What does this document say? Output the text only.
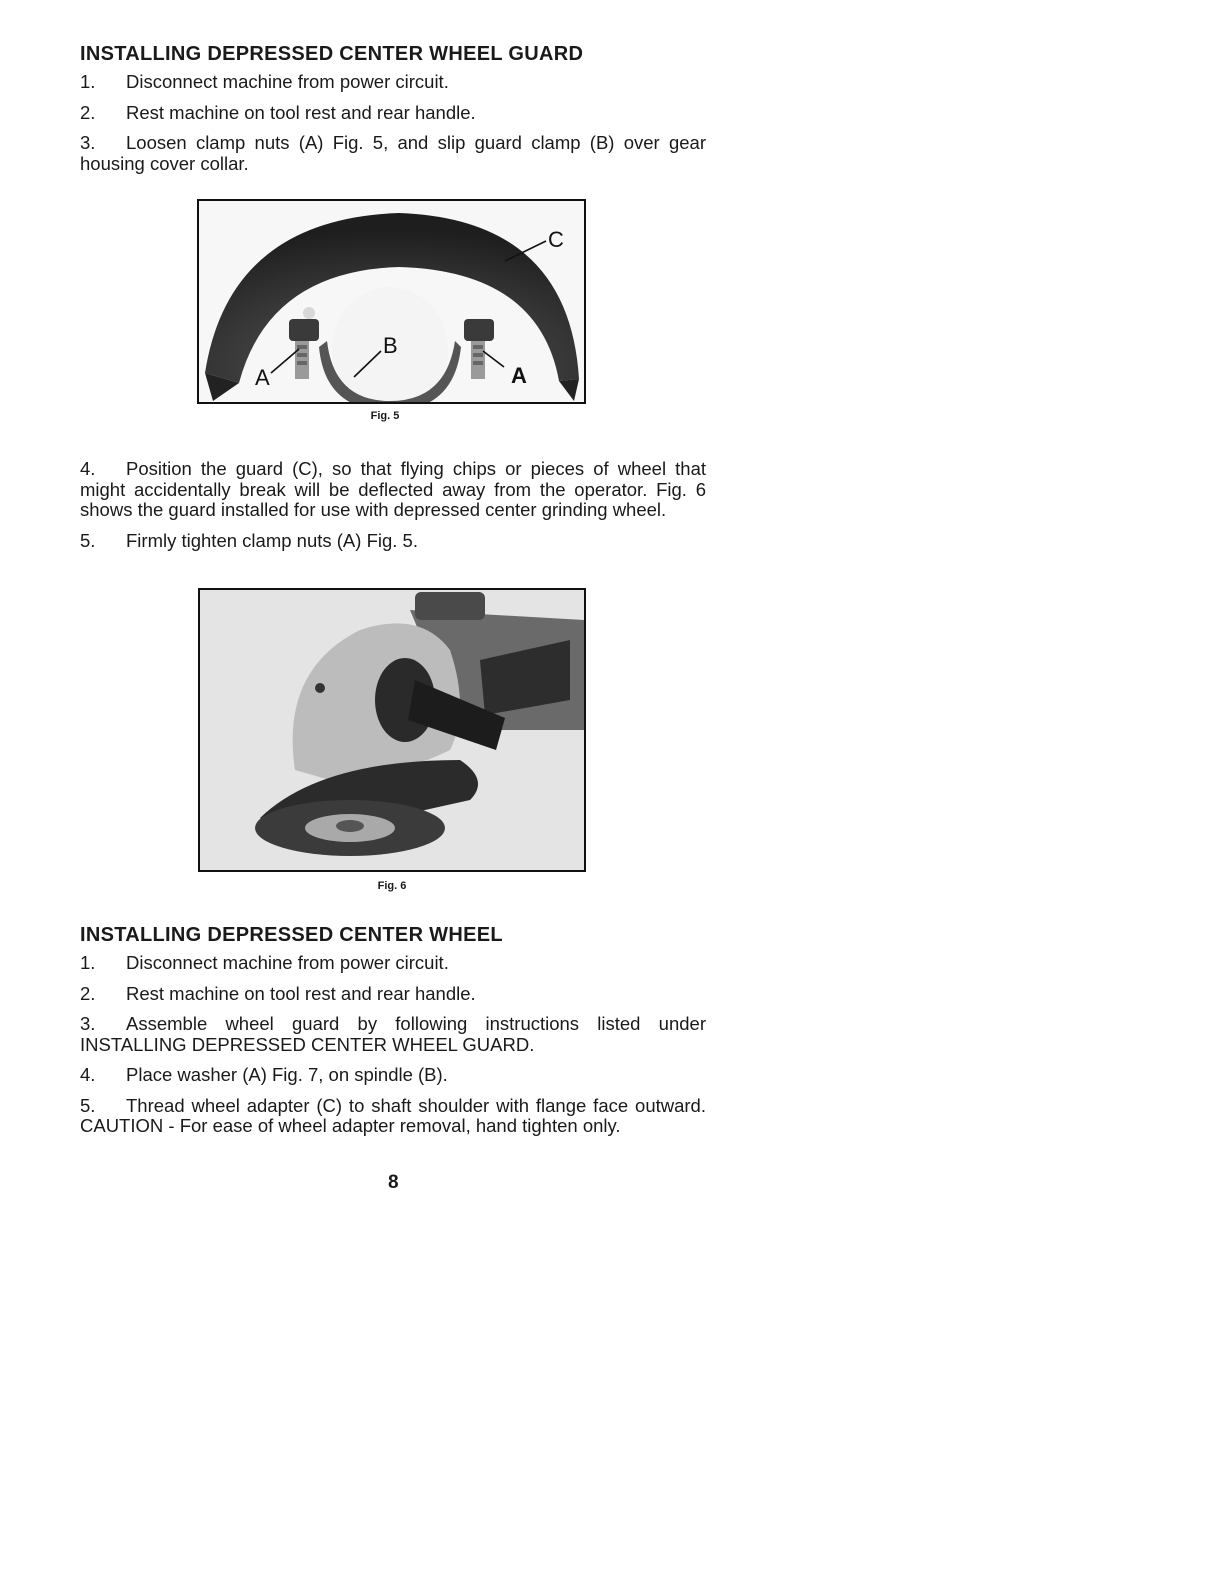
INSTALLING DEPRESSED CENTER WHEEL GUARD

1. Disconnect machine from power circuit.

2. Rest machine on tool rest and rear handle.

3. Loosen clamp nuts (A) Fig. 5, and slip guard clamp (B) over gear housing cover collar.

C
A
B
A
Fig. 5

4. Position the guard (C), so that flying chips or pieces of wheel that might accidentally break will be deflected away from the operator. Fig. 6 shows the guard installed for use with depressed center grinding wheel.

5. Firmly tighten clamp nuts (A) Fig. 5.

Fig. 6
INSTALLING DEPRESSED CENTER WHEEL

1. Disconnect machine from power circuit.

2. Rest machine on tool rest and rear handle.

3. Assemble wheel guard by following instructions listed under INSTALLING DEPRESSED CENTER WHEEL GUARD.

4. Place washer (A) Fig. 7, on spindle (B).

5. Thread wheel adapter (C) to shaft shoulder with flange face outward. CAUTION - For ease of wheel adapter removal, hand tighten only.

8
